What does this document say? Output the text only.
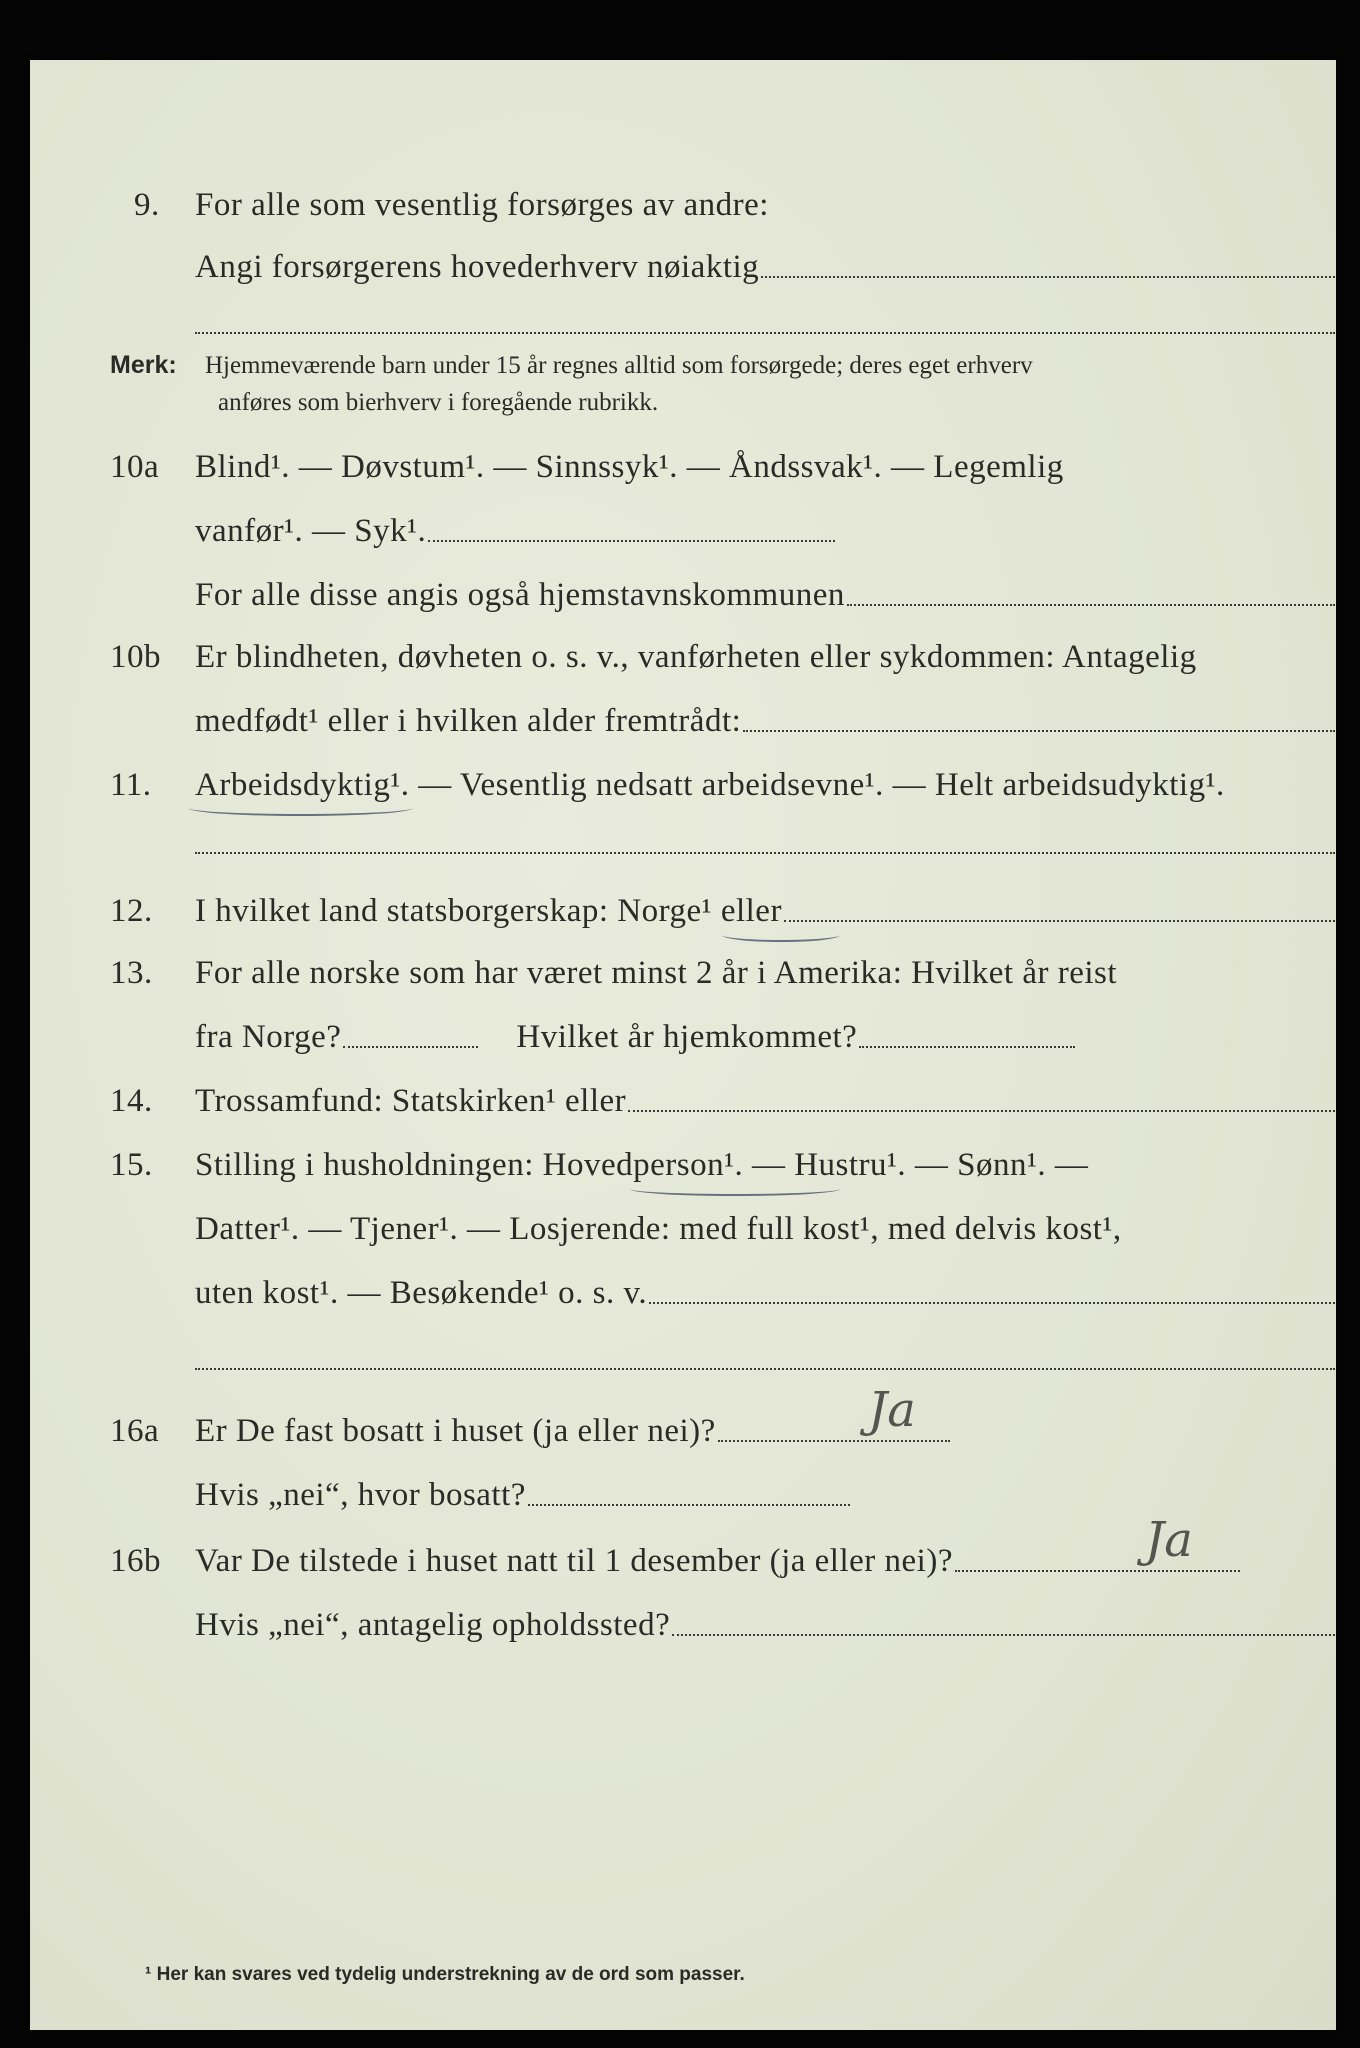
9.	For alle som vesentlig forsørges av andre:
Angi forsørgerens hovederhverv nøiaktig
Merk: Hjemmeværende barn under 15 år regnes alltid som forsørgede; deres eget erhverv
anføres som bierhverv i foregående rubrikk.
10a	Blind¹. — Døvstum¹. — Sinnssyk¹. — Åndssvak¹. — Legemlig
vanfør¹. — Syk¹.
For alle disse angis også hjemstavnskommunen
10b	Er blindheten, døvheten o. s. v., vanførheten eller sykdommen: Antagelig
medfødt¹ eller i hvilken alder fremtrådt:
11.	Arbeidsdyktig¹. — Vesentlig nedsatt arbeidsevne¹. — Helt arbeidsudyktig¹.
12.	I hvilket land statsborgerskap: Norge¹ eller
13.	For alle norske som har været minst 2 år i Amerika: Hvilket år reist
fra Norge?	Hvilket år hjemkommet?
14.	Trossamfund: Statskirken¹ eller
15.	Stilling i husholdningen: Hovedperson¹. — Hustru¹. — Sønn¹. —
Datter¹. — Tjener¹. — Losjerende: med full kost¹, med delvis kost¹,
uten kost¹. — Besøkende¹ o. s. v.
16a	Er De fast bosatt i huset (ja eller nei)?	Ja
Hvis „nei“, hvor bosatt?
16b	Var De tilstede i huset natt til 1 desember (ja eller nei)?	Ja
Hvis „nei“, antagelig opholdssted?
¹ Her kan svares ved tydelig understrekning av de ord som passer.
